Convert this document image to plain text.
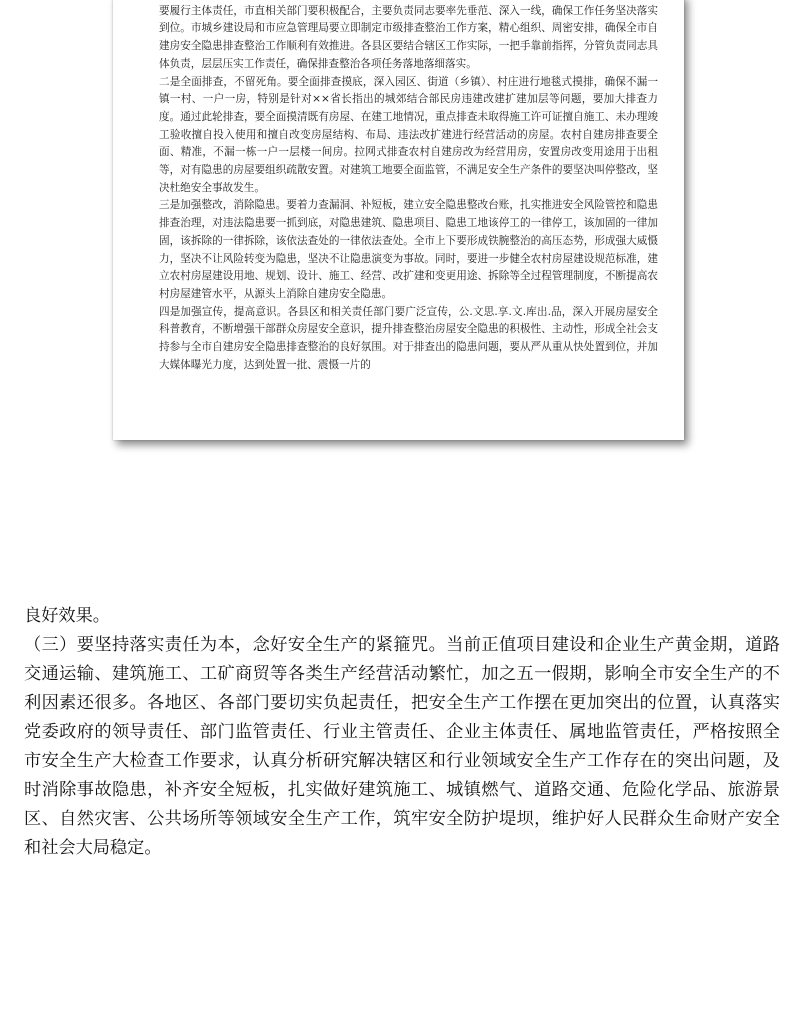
要履行主体责任，市直相关部门要积极配合，主要负责同志要率先垂范、深入一线，确保工作任务坚决落实到位。市城乡建设局和市应急管理局要立即制定市级排查整治工作方案，精心组织、周密安排，确保全市自建房安全隐患排查整治工作顺利有效推进。各县区要结合辖区工作实际，一把手靠前指挥，分管负责同志具体负责，层层压实工作责任，确保排查整治各项任务落地落细落实。

二是全面排查，不留死角。要全面排查摸底，深入园区、街道（乡镇）、村庄进行地毯式摸排，确保不漏一镇一村、一户一房，特别是针对××省长指出的城郊结合部民房违建改建扩建加层等问题，要加大排查力度。通过此轮排查，要全面摸清既有房屋、在建工地情况，重点排查未取得施工许可证擅自施工、未办理竣工验收擅自投入使用和擅自改变房屋结构、布局、违法改扩建进行经营活动的房屋。农村自建房排查要全面、精准，不漏一栋一户一层楼一间房。拉网式排查农村自建房改为经营用房，安置房改变用途用于出租等，对有隐患的房屋要组织疏散安置。对建筑工地要全面监管，不满足安全生产条件的要坚决叫停整改，坚决杜绝安全事故发生。

三是加强整改，消除隐患。要着力查漏洞、补短板，建立安全隐患整改台账，扎实推进安全风险管控和隐患排查治理，对违法隐患要一抓到底，对隐患建筑、隐患项目、隐患工地该停工的一律停工，该加固的一律加固，该拆除的一律拆除，该依法查处的一律依法查处。全市上下要形成铁腕整治的高压态势，形成强大威慑力，坚决不让风险转变为隐患，坚决不让隐患演变为事故。同时，要进一步健全农村房屋建设规范标准，建立农村房屋建设用地、规划、设计、施工、经营、改扩建和变更用途、拆除等全过程管理制度，不断提高农村房屋建管水平，从源头上消除自建房安全隐患。

四是加强宣传，提高意识。各县区和相关责任部门要广泛宣传，公.文思.享.文.库出.品，深入开展房屋安全科普教育，不断增强干部群众房屋安全意识，提升排查整治房屋安全隐患的积极性、主动性，形成全社会支持参与全市自建房安全隐患排查整治的良好氛围。对于排查出的隐患问题，要从严从重从快处置到位，并加大媒体曝光力度，达到处置一批、震慑一片的

良好效果。

（三）要坚持落实责任为本，念好安全生产的紧箍咒。当前正值项目建设和企业生产黄金期，道路交通运输、建筑施工、工矿商贸等各类生产经营活动繁忙，加之五一假期，影响全市安全生产的不利因素还很多。各地区、各部门要切实负起责任，把安全生产工作摆在更加突出的位置，认真落实党委政府的领导责任、部门监管责任、行业主管责任、企业主体责任、属地监管责任，严格按照全市安全生产大检查工作要求，认真分析研究解决辖区和行业领域安全生产工作存在的突出问题，及时消除事故隐患，补齐安全短板，扎实做好建筑施工、城镇燃气、道路交通、危险化学品、旅游景区、自然灾害、公共场所等领域安全生产工作，筑牢安全防护堤坝，维护好人民群众生命财产安全和社会大局稳定。
